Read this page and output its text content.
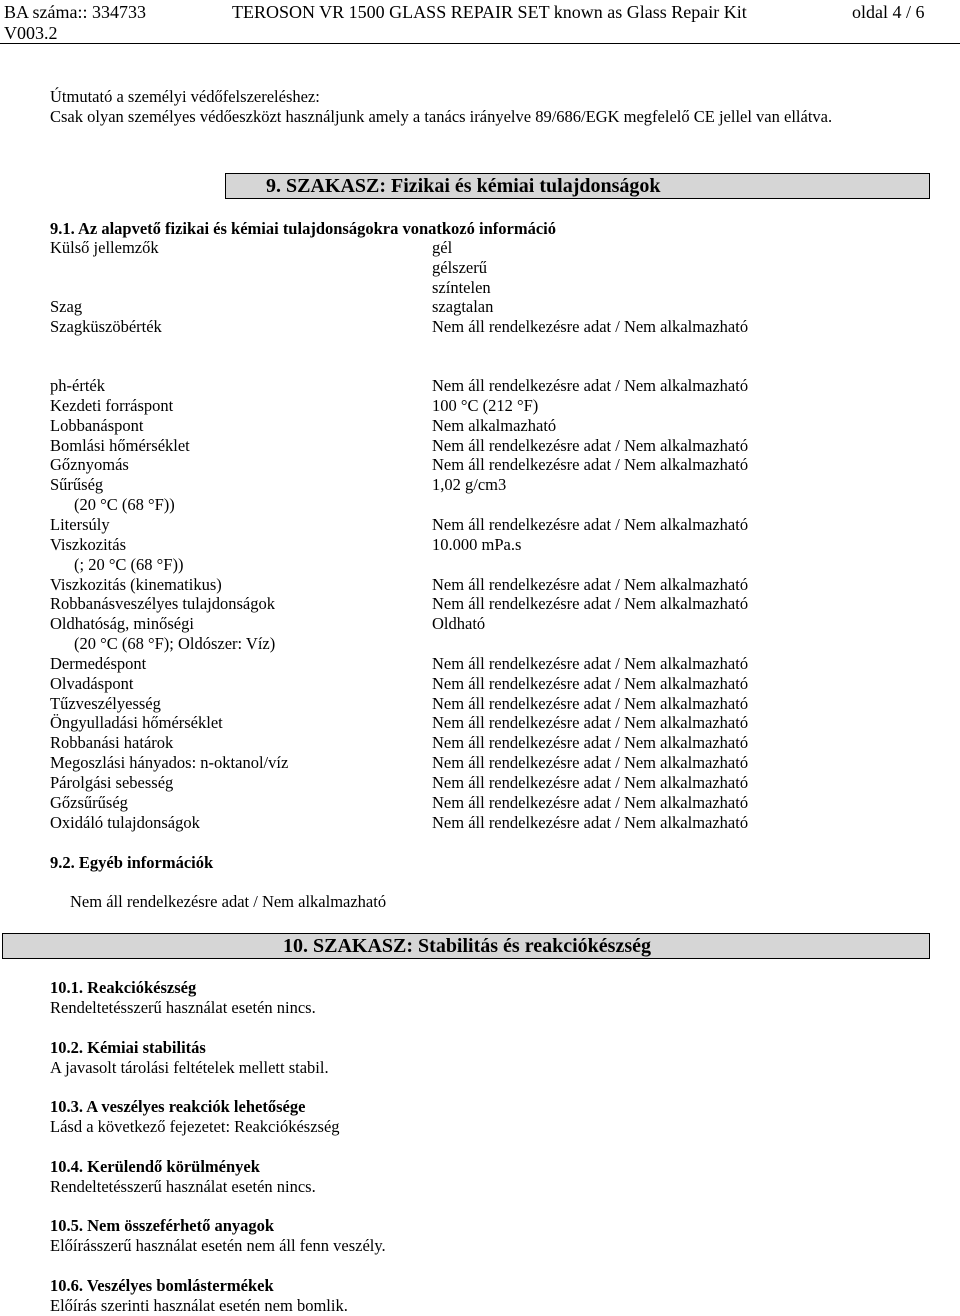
BA száma:: 334733
V003.2
TEROSON VR 1500 GLASS REPAIR SET known as Glass Repair Kit	oldal 4 / 6
Útmutató a személyi védőfelszereléshez:
Csak olyan személyes védőeszközt használjunk amely a tanács irányelve 89/686/EGK megfelelő CE jellel van ellátva.
9. SZAKASZ: Fizikai és kémiai tulajdonságok
9.1. Az alapvető fizikai és kémiai tulajdonságokra vonatkozó információ
Külső jellemzők	gél
gélszerű
színtelen
Szag	szagtalan
Szagküszöbérték	Nem áll rendelkezésre adat / Nem alkalmazható
ph-érték	Nem áll rendelkezésre adat / Nem alkalmazható
Kezdeti forráspont	100 °C (212 °F)
Lobbanáspont	Nem alkalmazható
Bomlási hőmérséklet	Nem áll rendelkezésre adat / Nem alkalmazható
Gőznyomás	Nem áll rendelkezésre adat / Nem alkalmazható
Sűrűség	1,02 g/cm3
(20 °C (68 °F))
Litersúly	Nem áll rendelkezésre adat / Nem alkalmazható
Viszkozitás	10.000 mPa.s
(; 20 °C (68 °F))
Viszkozitás (kinematikus)	Nem áll rendelkezésre adat / Nem alkalmazható
Robbanásveszélyes tulajdonságok	Nem áll rendelkezésre adat / Nem alkalmazható
Oldhatóság, minőségi	Oldható
(20 °C (68 °F); Oldószer: Víz)
Dermedéspont	Nem áll rendelkezésre adat / Nem alkalmazható
Olvadáspont	Nem áll rendelkezésre adat / Nem alkalmazható
Tűzveszélyesség	Nem áll rendelkezésre adat / Nem alkalmazható
Öngyulladási hőmérséklet	Nem áll rendelkezésre adat / Nem alkalmazható
Robbanási határok	Nem áll rendelkezésre adat / Nem alkalmazható
Megoszlási hányados: n-oktanol/víz	Nem áll rendelkezésre adat / Nem alkalmazható
Párolgási sebesség	Nem áll rendelkezésre adat / Nem alkalmazható
Gőzsűrűség	Nem áll rendelkezésre adat / Nem alkalmazható
Oxidáló tulajdonságok	Nem áll rendelkezésre adat / Nem alkalmazható
9.2. Egyéb információk
Nem áll rendelkezésre adat / Nem alkalmazható
10. SZAKASZ: Stabilitás és reakciókészség
10.1. Reakciókészség
Rendeltetésszerű használat esetén nincs.
10.2. Kémiai stabilitás
A javasolt tárolási feltételek mellett stabil.
10.3. A veszélyes reakciók lehetősége
Lásd a következő fejezetet: Reakciókészség
10.4. Kerülendő körülmények
Rendeltetésszerű használat esetén nincs.
10.5. Nem összeférhető anyagok
Előírásszerű használat esetén nem áll fenn veszély.
10.6. Veszélyes bomlástermékek
Előírás szerinti használat esetén nem bomlik.
